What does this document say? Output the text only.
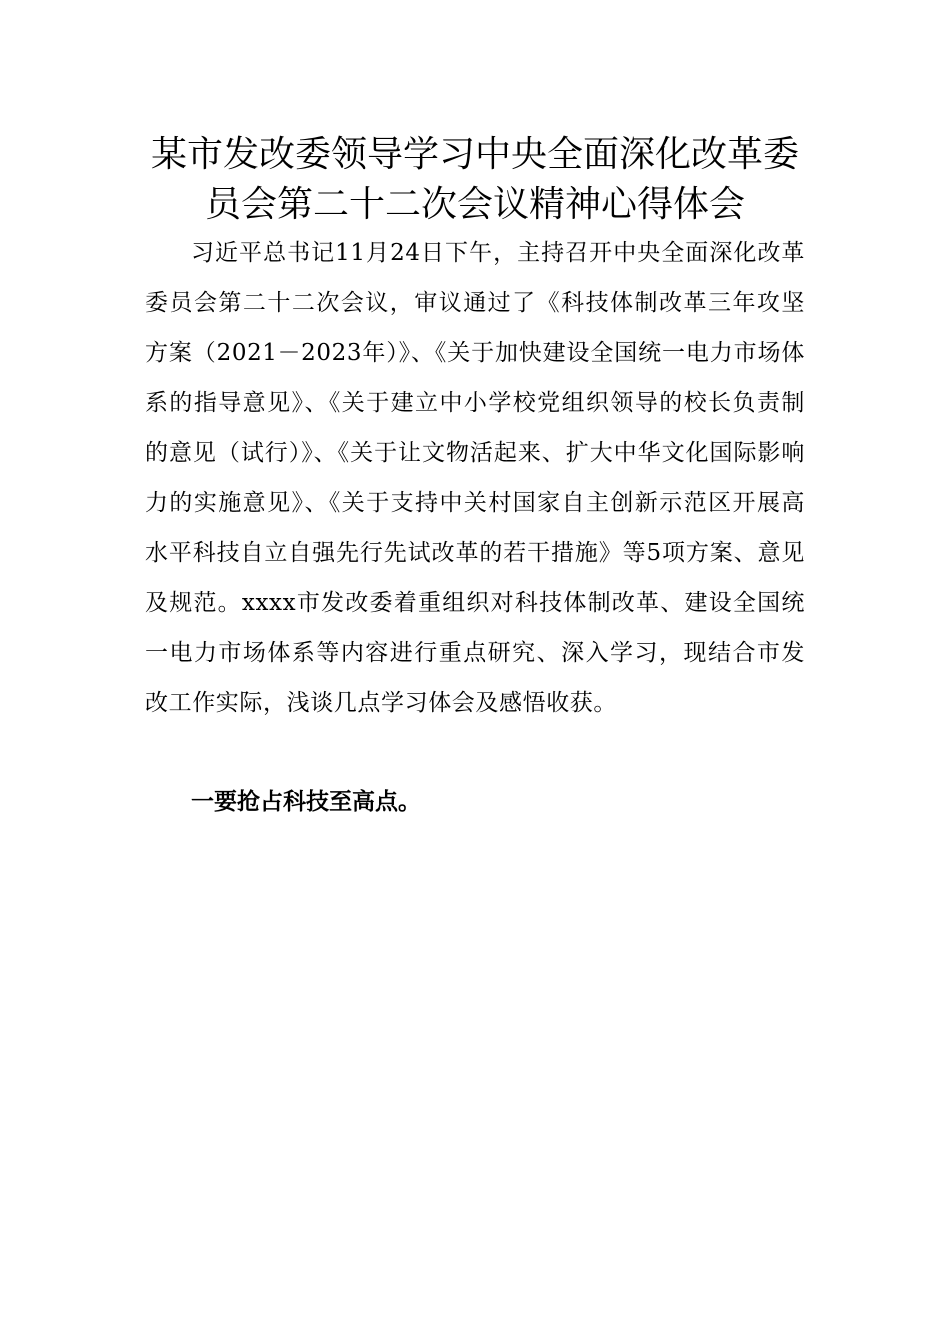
某市发改委领导学习中央全面深化改革委员会第二十二次会议精神心得体会

习近平总书记11月24日下午，主持召开中央全面深化改革委员会第二十二次会议，审议通过了《科技体制改革三年攻坚方案（2021－2023年）》、《关于加快建设全国统一电力市场体系的指导意见》、《关于建立中小学校党组织领导的校长负责制的意见（试行）》、《关于让文物活起来、扩大中华文化国际影响力的实施意见》、《关于支持中关村国家自主创新示范区开展高水平科技自立自强先行先试改革的若干措施》等5项方案、意见及规范。xxxx市发改委着重组织对科技体制改革、建设全国统一电力市场体系等内容进行重点研究、深入学习，现结合市发改工作实际，浅谈几点学习体会及感悟收获。

一要抢占科技至高点。
